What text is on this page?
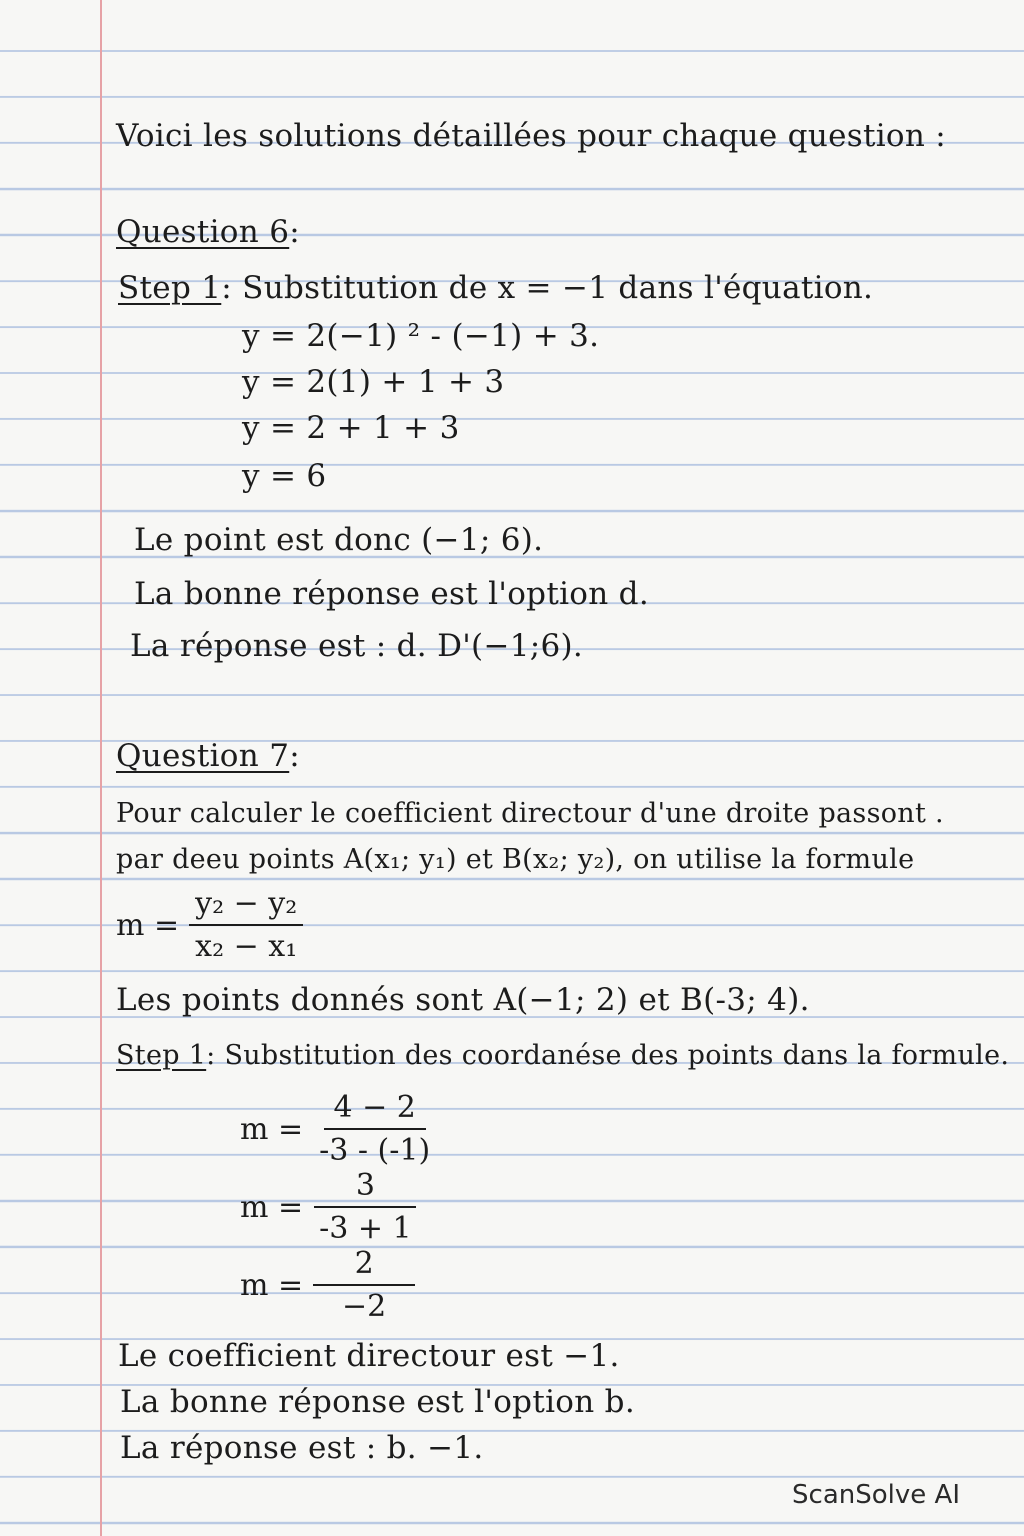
Voici les solutions détaillées pour chaque question :
Question 6:
Step 1: Substitution de x = −1 dans l'équation.
y = 2(−1) ² - (−1) + 3.
y = 2(1) + 1 + 3
y = 2 + 1 + 3
y = 6
Le point est donc (−1; 6).
La bonne réponse est l'option d.
La réponse est : d. D'(−1;6).
Question 7:
Pour calculer le coefficient directour d'une droite passont .
par deeu points A(x₁; y₁) et B(x₂; y₂), on utilise la formule
$m = \frac{\text{y₂ − y₂}}{\text{x₂ − x₁}}$
Les points donnés sont A(−1; 2) et B(-3; 4).
Step 1: Substitution des coordanése des points dans la formule.
$m = \frac{4 - 2}{-3 - (-1)}$
$m = \frac{3}{-3 + 1}$
$m = \frac{2}{-2}$
Le coefficient directour est −1.
La bonne réponse est l'option b.
La réponse est : b. −1.
ScanSolve AI
